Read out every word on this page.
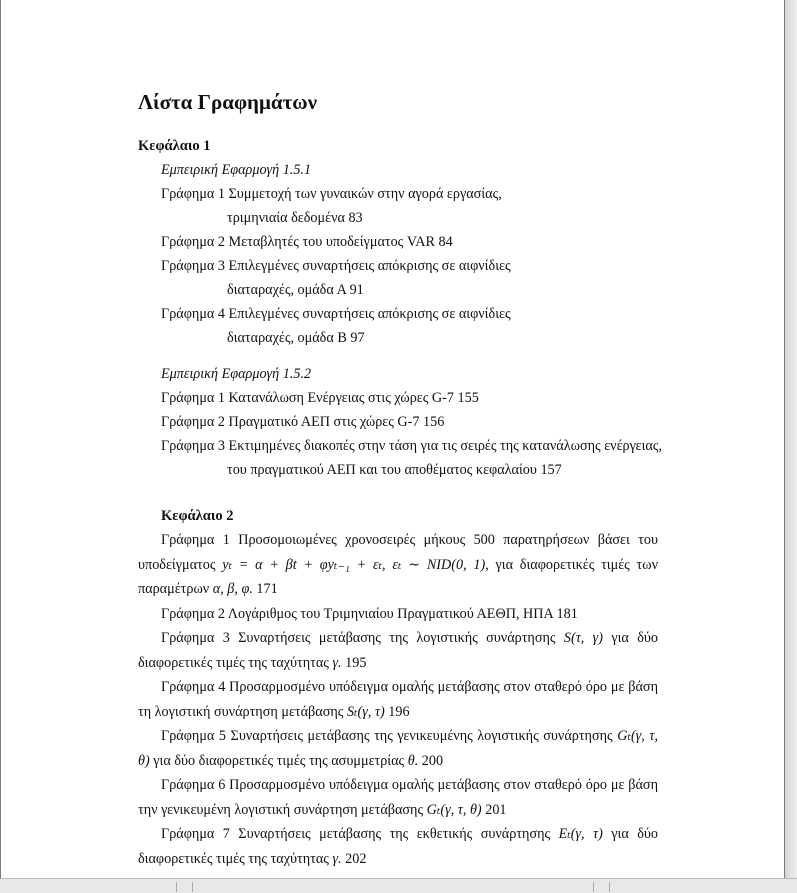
Λίστα Γραφημάτων
Κεφάλαιο 1
Εμπειρική Εφαρμογή 1.5.1
Γράφημα 1 Συμμετοχή των γυναικών στην αγορά εργασίας,
τριμηνιαία δεδομένα 83
Γράφημα 2 Μεταβλητές του υποδείγματος VAR 84
Γράφημα 3 Επιλεγμένες συναρτήσεις απόκρισης σε αιφνίδιες
διαταραχές, ομάδα Α 91
Γράφημα 4 Επιλεγμένες συναρτήσεις απόκρισης σε αιφνίδιες
διαταραχές, ομάδα Β 97
Εμπειρική Εφαρμογή 1.5.2
Γράφημα 1 Κατανάλωση Ενέργειας στις χώρες G-7 155
Γράφημα 2 Πραγματικό ΑΕΠ στις χώρες G-7 156
Γράφημα 3 Εκτιμημένες διακοπές στην τάση για τις σειρές της κατανάλωσης ενέργειας,
του πραγματικού ΑΕΠ και του αποθέματος κεφαλαίου 157
Κεφάλαιο 2
Γράφημα 1 Προσομοιωμένες χρονοσειρές μήκους 500 παρατηρήσεων βάσει του υποδείγματος yₜ = α + βt + φyₜ₋₁ + εₜ, εₜ ∼ NID(0, 1), για διαφορετικές τιμές των παραμέτρων α, β, φ. 171
Γράφημα 2 Λογάριθμος του Τριμηνιαίου Πραγματικού ΑΕΘΠ, ΗΠΑ 181
Γράφημα 3 Συναρτήσεις μετάβασης της λογιστικής συνάρτησης S(τ, γ) για δύο διαφορετικές τιμές της ταχύτητας γ. 195
Γράφημα 4 Προσαρμοσμένο υπόδειγμα ομαλής μετάβασης στον σταθερό όρο με βάση τη λογιστική συνάρτηση μετάβασης Sₜ(γ, τ) 196
Γράφημα 5 Συναρτήσεις μετάβασης της γενικευμένης λογιστικής συνάρτησης Gₜ(γ, τ, θ) για δύο διαφορετικές τιμές της ασυμμετρίας θ. 200
Γράφημα 6 Προσαρμοσμένο υπόδειγμα ομαλής μετάβασης στον σταθερό όρο με βάση την γενικευμένη λογιστική συνάρτηση μετάβασης Gₜ(γ, τ, θ) 201
Γράφημα 7 Συναρτήσεις μετάβασης της εκθετικής συνάρτησης Eₜ(γ, τ) για δύο διαφορετικές τιμές της ταχύτητας γ. 202
